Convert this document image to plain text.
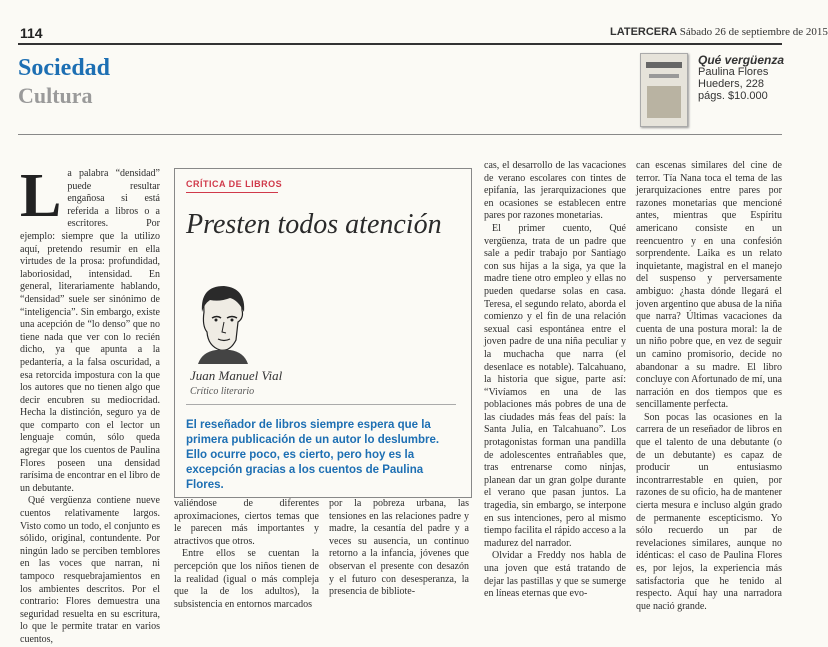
114	LATERCERA Sábado 26 de septiembre de 2015
Sociedad
Cultura
Qué vergüenza
Paulina Flores
Hueders, 228
págs. $10.000

La palabra “densidad” puede resultar engañosa si está referida a libros o a escritores. Por ejemplo: siempre que la utilizo aquí, pretendo resumir en ella virtudes de la prosa: profundidad, laboriosidad, intensidad. En general, literariamente hablando, “densidad” suele ser sinónimo de “inteligencia”. Sin embargo, existe una acepción de “lo denso” que no tiene nada que ver con lo recién dicho, ya que apunta a la pedantería, a la falsa oscuridad, a esa retorcida impostura con la que los autores que no tienen algo que decir encubren su mediocridad. Hecha la distinción, seguro ya de que comparto con el lector un lenguaje común, sólo queda agregar que los cuentos de Paulina Flores poseen una densidad rarísima de encontrar en el libro de un debutante.

Qué vergüenza contiene nueve cuentos relativamente largos. Visto como un todo, el conjunto es sólido, original, contundente. Por ningún lado se perciben temblores en las voces que narran, ni tampoco resquebrajamientos en los ambientes descritos. Por el contrario: Flores demuestra una seguridad resuelta en su escritura, lo que le permite tratar en varios cuentos,

CRÍTICA DE LIBROS
Presten todos atención
Juan Manuel Vial
Crítico literario
El reseñador de libros siempre espera que la primera publicación de un autor lo deslumbre. Ello ocurre poco, es cierto, pero hoy es la excepción gracias a los cuentos de Paulina Flores.

valiéndose de diferentes aproximaciones, ciertos temas que le parecen más importantes y atractivos que otros.

Entre ellos se cuentan la percepción que los niños tienen de la realidad (igual o más compleja que la de los adultos), la subsistencia en entornos marcados

por la pobreza urbana, las tensiones en las relaciones padre y madre, la cesantía del padre y a veces su ausencia, un continuo retorno a la infancia, jóvenes que observan el presente con desazón y el futuro con desesperanza, la presencia de bibliote-

cas, el desarrollo de las vacaciones de verano escolares con tintes de epifanía, las jerarquizaciones que en ocasiones se establecen entre pares por razones monetarias.

El primer cuento, Qué vergüenza, trata de un padre que sale a pedir trabajo por Santiago con sus hijas a la siga, ya que la madre tiene otro empleo y ellas no pueden quedarse solas en casa. Teresa, el segundo relato, aborda el comienzo y el fin de una relación sexual casi espontánea entre el joven padre de una niña peculiar y la muchacha que narra (el desenlace es notable). Talcahuano, la historia que sigue, parte así: “Vivíamos en una de las poblaciones más pobres de una de las ciudades más feas del país: la Santa Julia, en Talcahuano”. Los protagonistas forman una pandilla de adolescentes entrañables que, tras entrenarse como ninjas, planean dar un gran golpe durante el verano que pasan juntos. La tragedia, sin embargo, se interpone en sus intenciones, pero al mismo tiempo facilita el rápido acceso a la madurez del narrador.

Olvidar a Freddy nos habla de una joven que está tratando de dejar las pastillas y que se sumerge en líneas eternas que evo-

can escenas similares del cine de terror. Tía Nana toca el tema de las jerarquizaciones entre pares por razones monetarias que mencioné antes, mientras que Espíritu americano consiste en un reencuentro y en una confesión sorprendente. Laika es un relato inquietante, magistral en el manejo del suspenso y perversamente ambiguo: ¿hasta dónde llegará el joven argentino que abusa de la niña que narra? Últimas vacaciones da cuenta de una postura moral: la de un niño pobre que, en vez de seguir un camino promisorio, decide no abandonar a su madre. El libro concluye con Afortunado de mí, una narración en dos tiempos que es sencillamente perfecta.

Son pocas las ocasiones en la carrera de un reseñador de libros en que el talento de una debutante (o de un debutante) es capaz de producir un entusiasmo incontrarrestable en quien, por razones de su oficio, ha de mantener cierta mesura e incluso algún grado de permanente escepticismo. Yo sólo recuerdo un par de revelaciones similares, aunque no idénticas: el caso de Paulina Flores es, por lejos, la experiencia más satisfactoria que he tenido al respecto. Aquí hay una narradora que nació grande.
